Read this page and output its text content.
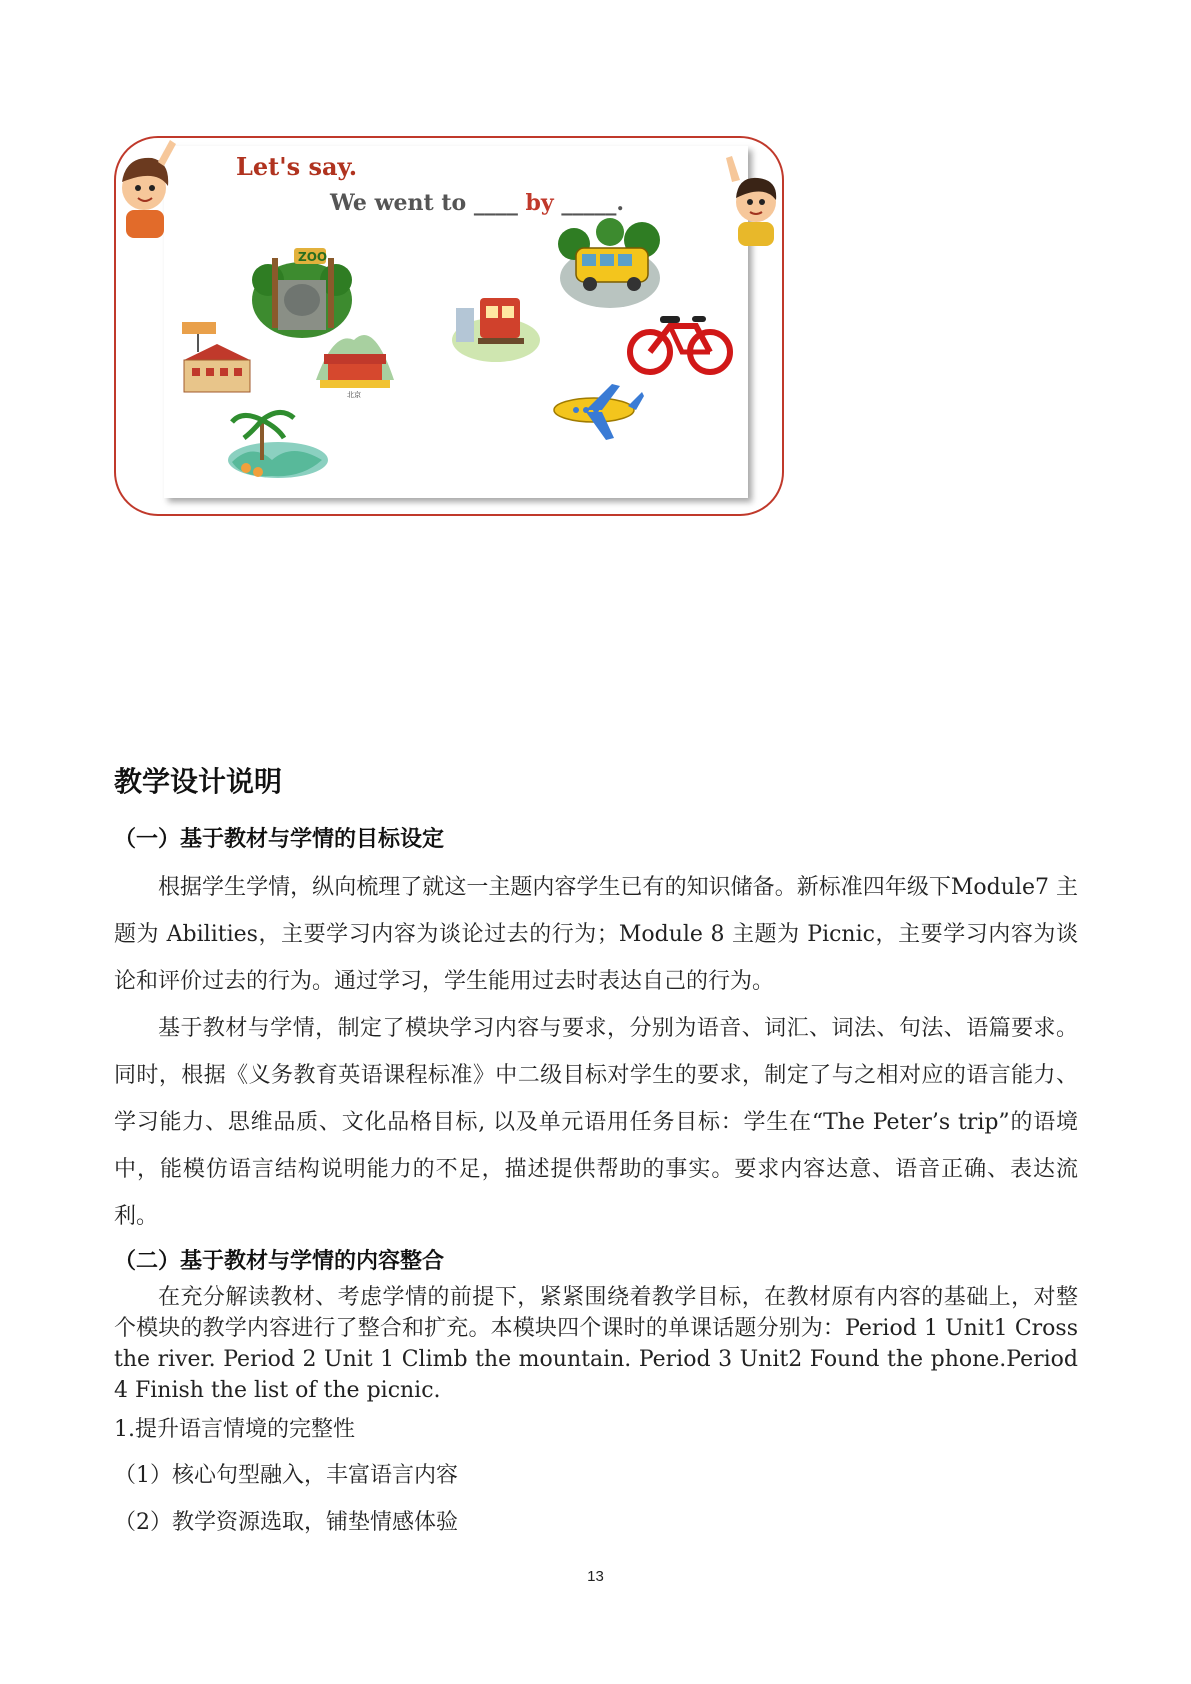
Let's say.
We went to ____ by _____.
ZOO
北京
教学设计说明
（一）基于教材与学情的目标设定

根据学生学情，纵向梳理了就这一主题内容学生已有的知识储备。新标准四年级下Module7 主题为 Abilities，主要学习内容为谈论过去的行为；Module 8 主题为 Picnic，主要学习内容为谈论和评价过去的行为。通过学习，学生能用过去时表达自己的行为。

基于教材与学情，制定了模块学习内容与要求，分别为语音、词汇、词法、句法、语篇要求。同时，根据《义务教育英语课程标准》中二级目标对学生的要求，制定了与之相对应的语言能力、学习能力、思维品质、文化品格目标, 以及单元语用任务目标：学生在“The Peter’s trip”的语境中，能模仿语言结构说明能力的不足，描述提供帮助的事实。要求内容达意、语音正确、表达流利。

（二）基于教材与学情的内容整合

在充分解读教材、考虑学情的前提下，紧紧围绕着教学目标，在教材原有内容的基础上，对整个模块的教学内容进行了整合和扩充。本模块四个课时的单课话题分别为：Period 1 Unit1 Cross the river. Period 2 Unit 1 Climb the mountain. Period 3 Unit2 Found the phone.Period 4 Finish the list of the picnic.

1.提升语言情境的完整性

（1）核心句型融入，丰富语言内容

（2）教学资源选取，铺垫情感体验

13
